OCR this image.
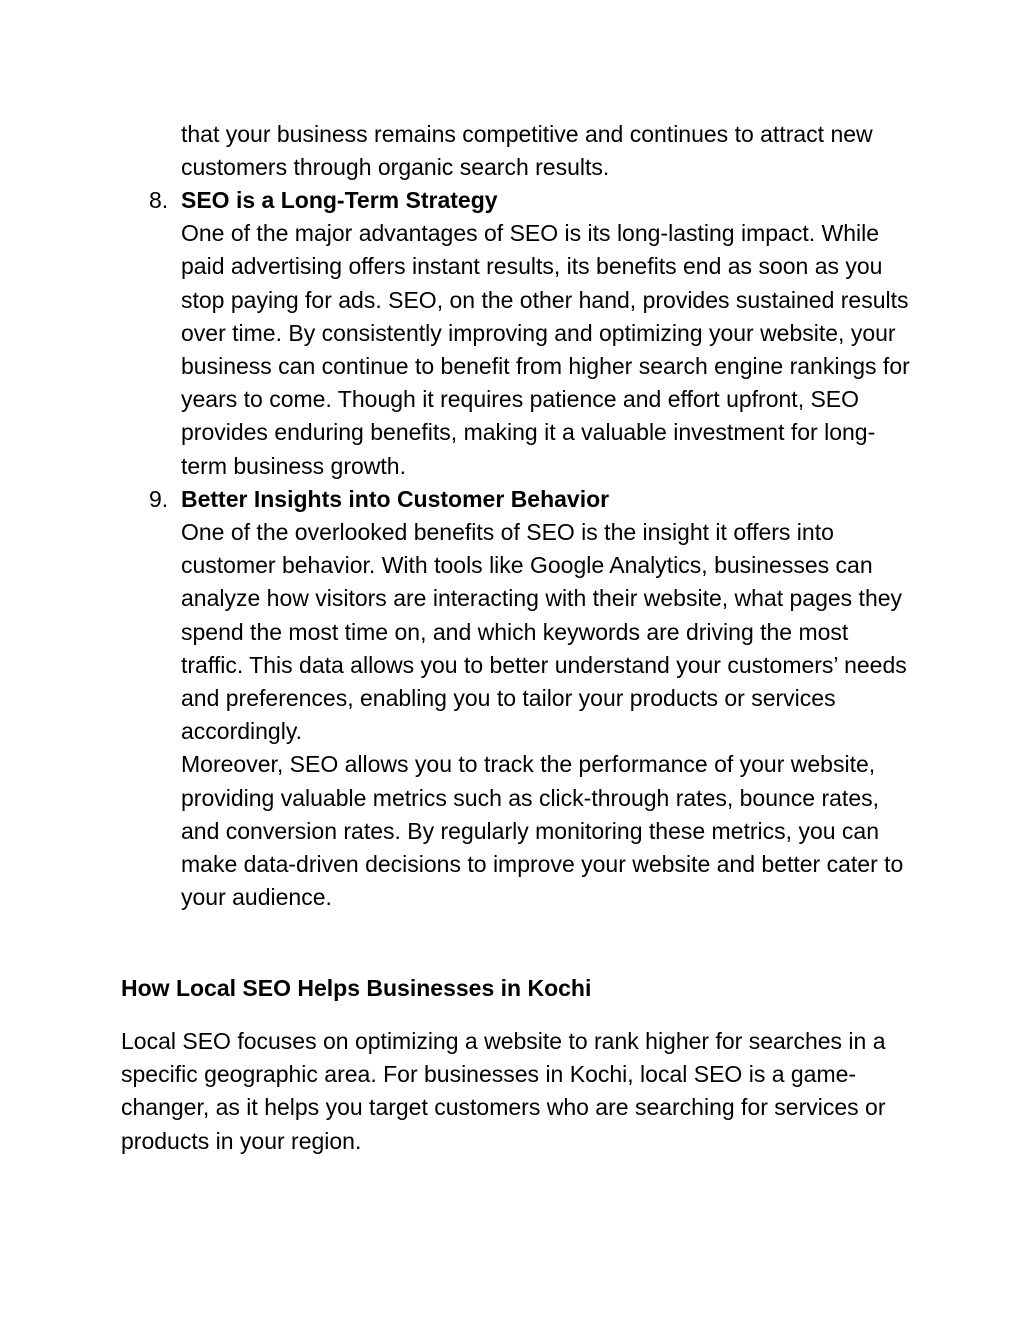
that your business remains competitive and continues to attract new customers through organic search results.

8. SEO is a Long-Term Strategy

One of the major advantages of SEO is its long-lasting impact. While paid advertising offers instant results, its benefits end as soon as you stop paying for ads. SEO, on the other hand, provides sustained results over time. By consistently improving and optimizing your website, your business can continue to benefit from higher search engine rankings for years to come. Though it requires patience and effort upfront, SEO provides enduring benefits, making it a valuable investment for long-term business growth.

9. Better Insights into Customer Behavior

One of the overlooked benefits of SEO is the insight it offers into customer behavior. With tools like Google Analytics, businesses can analyze how visitors are interacting with their website, what pages they spend the most time on, and which keywords are driving the most traffic. This data allows you to better understand your customers’ needs and preferences, enabling you to tailor your products or services accordingly.

Moreover, SEO allows you to track the performance of your website, providing valuable metrics such as click-through rates, bounce rates, and conversion rates. By regularly monitoring these metrics, you can make data-driven decisions to improve your website and better cater to your audience.

How Local SEO Helps Businesses in Kochi

Local SEO focuses on optimizing a website to rank higher for searches in a specific geographic area. For businesses in Kochi, local SEO is a game-changer, as it helps you target customers who are searching for services or products in your region.
